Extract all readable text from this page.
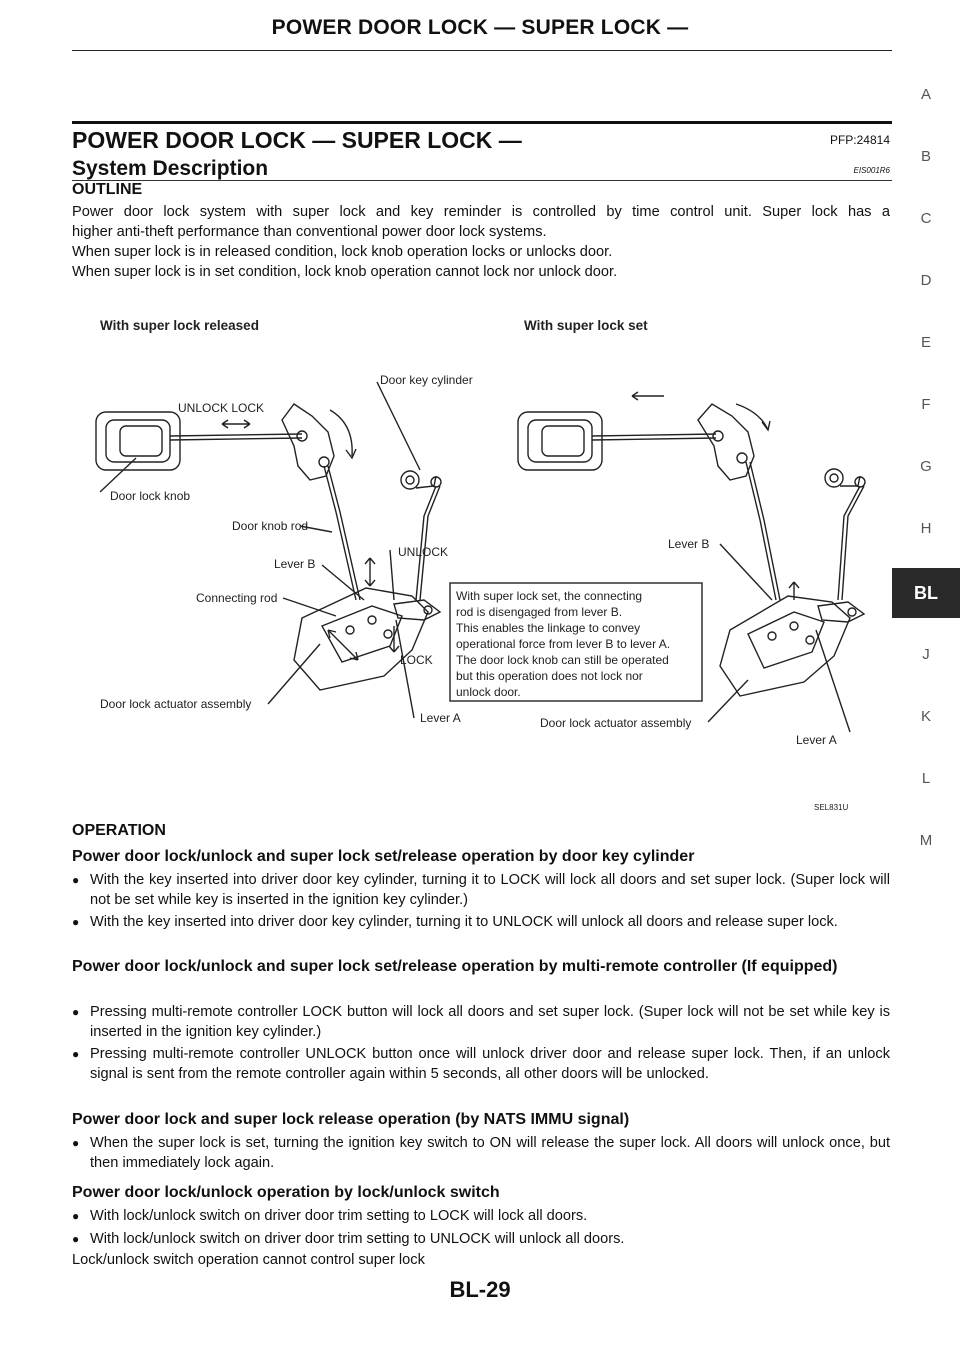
POWER DOOR LOCK — SUPER LOCK —
POWER DOOR LOCK — SUPER LOCK —	PFP:24814
System Description	EIS001R6
OUTLINE

Power door lock system with super lock and key reminder is controlled by time control unit. Super lock has a
higher anti-theft performance than conventional power door lock systems.
When super lock is in released condition, lock knob operation locks or unlocks door.
When super lock is in set condition, lock knob operation cannot lock nor unlock door.

With super lock released	With super lock set
UNLOCK LOCK
Door key cylinder
Door lock knob
Door knob rod
Lever B
UNLOCK
Connecting rod
LOCK
Door lock actuator assembly
Lever A
With super lock set, the connecting
rod is disengaged from lever B.
This enables the linkage to convey
operational force from lever B to lever A.
The door lock knob can still be operated
but this operation does not lock nor
unlock door.
Lever B
Door lock actuator assembly
Lever A
SEL831U
OPERATION
Power door lock/unlock and super lock set/release operation by door key cylinder
● With the key inserted into driver door key cylinder, turning it to LOCK will lock all doors and set super lock. (Super lock will not be set while key is inserted in the ignition key cylinder.)
● With the key inserted into driver door key cylinder, turning it to UNLOCK will unlock all doors and release super lock.
Power door lock/unlock and super lock set/release operation by multi-remote controller (If equipped)
● Pressing multi-remote controller LOCK button will lock all doors and set super lock. (Super lock will not be set while key is inserted in the ignition key cylinder.)
● Pressing multi-remote controller UNLOCK button once will unlock driver door and release super lock. Then, if an unlock signal is sent from the remote controller again within 5 seconds, all other doors will be unlocked.
Power door lock and super lock release operation (by NATS IMMU signal)
● When the super lock is set, turning the ignition key switch to ON will release the super lock. All doors will unlock once, but then immediately lock again.
Power door lock/unlock operation by lock/unlock switch
● With lock/unlock switch on driver door trim setting to LOCK will lock all doors.
● With lock/unlock switch on driver door trim setting to UNLOCK will unlock all doors.
Lock/unlock switch operation cannot control super lock
BL-29
A
B
C
D
E
F
G
H
BL
J
K
L
M
